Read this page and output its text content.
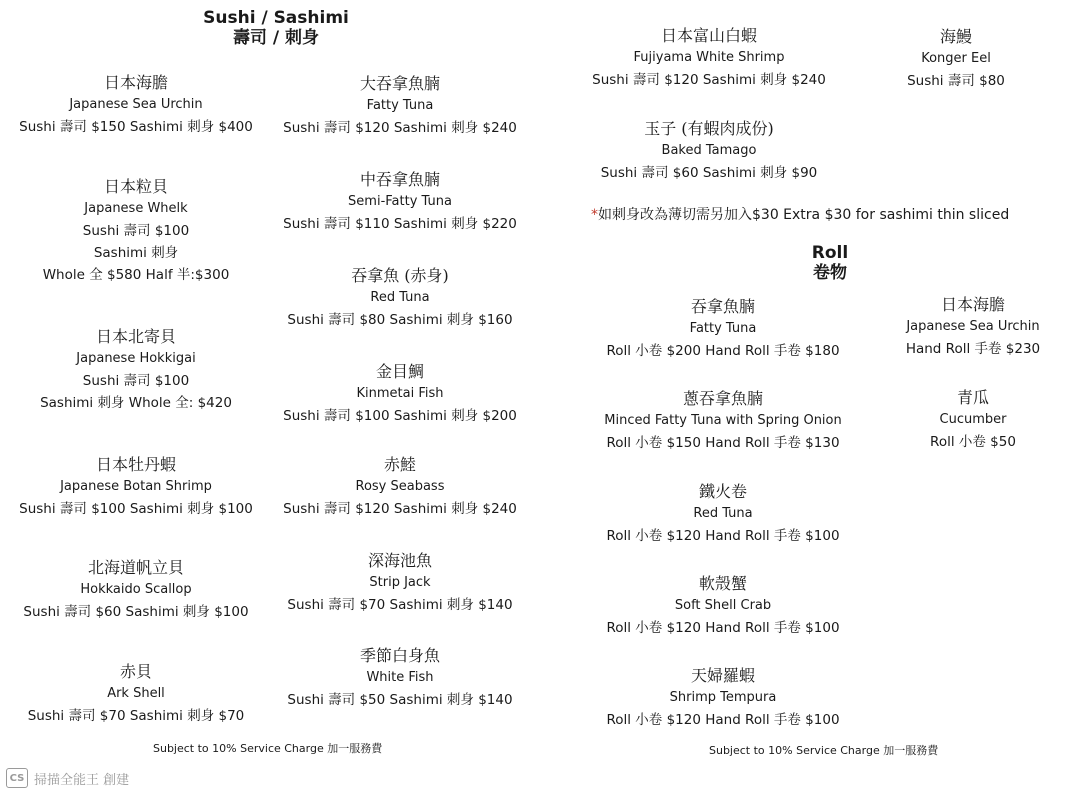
Sushi / Sashimi
壽司 / 刺身
日本海膽
Japanese Sea Urchin
Sushi 壽司 $150 Sashimi 刺身 $400
日本粒貝
Japanese Whelk
Sushi 壽司 $100
Sashimi 刺身
Whole 全 $580 Half 半:$300
日本北寄貝
Japanese Hokkigai
Sushi 壽司 $100
Sashimi 刺身 Whole 全: $420
日本牡丹蝦
Japanese Botan Shrimp
Sushi 壽司 $100 Sashimi 刺身 $100
北海道帆立貝
Hokkaido Scallop
Sushi 壽司 $60 Sashimi 刺身 $100
赤貝
Ark Shell
Sushi 壽司 $70 Sashimi 刺身 $70
大吞拿魚腩
Fatty Tuna
Sushi 壽司 $120 Sashimi 刺身 $240
中吞拿魚腩
Semi-Fatty Tuna
Sushi 壽司 $110 Sashimi 刺身 $220
吞拿魚 (赤身)
Red Tuna
Sushi 壽司 $80 Sashimi 刺身 $160
金目鯛
Kinmetai Fish
Sushi 壽司 $100 Sashimi 刺身 $200
赤鯥
Rosy Seabass
Sushi 壽司 $120 Sashimi 刺身 $240
深海池魚
Strip Jack
Sushi 壽司 $70 Sashimi 刺身 $140
季節白身魚
White Fish
Sushi 壽司 $50 Sashimi 刺身 $140
Subject to 10% Service Charge 加一服務費
日本富山白蝦
Fujiyama White Shrimp
Sushi 壽司 $120 Sashimi 刺身 $240
海鰻
Konger Eel
Sushi 壽司 $80
玉子 (有蝦肉成份)
Baked Tamago
Sushi 壽司 $60 Sashimi 刺身 $90
*如刺身改為薄切需另加入$30 Extra $30 for sashimi thin sliced
Roll
卷物
吞拿魚腩
Fatty Tuna
Roll 小卷 $200 Hand Roll 手卷 $180
蔥吞拿魚腩
Minced Fatty Tuna with Spring Onion
Roll 小卷 $150 Hand Roll 手卷 $130
鐵火卷
Red Tuna
Roll 小卷 $120 Hand Roll 手卷 $100
軟殼蟹
Soft Shell Crab
Roll 小卷 $120 Hand Roll 手卷 $100
天婦羅蝦
Shrimp Tempura
Roll 小卷 $120 Hand Roll 手卷 $100
日本海膽
Japanese Sea Urchin
Hand Roll 手卷 $230
青瓜
Cucumber
Roll 小卷 $50
Subject to 10% Service Charge 加一服務費
CS 掃描全能王 創建
